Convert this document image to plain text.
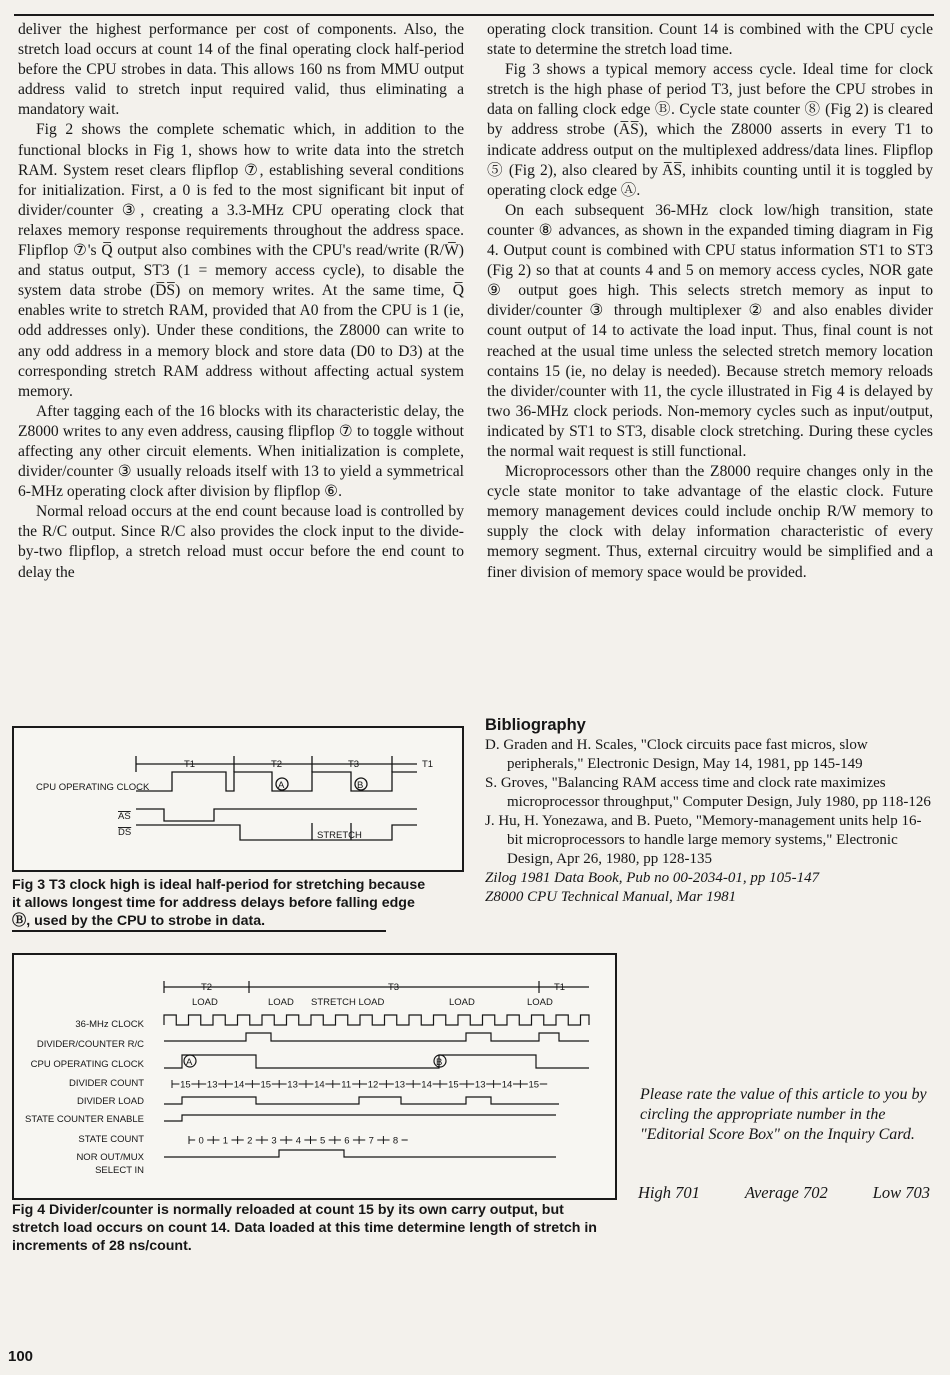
deliver the highest performance per cost of components. Also, the stretch load occurs at count 14 of the final operating clock half-period before the CPU strobes in data. This allows 160 ns from MMU output address valid to stretch input required valid, thus eliminating a mandatory wait.

Fig 2 shows the complete schematic which, in addition to the functional blocks in Fig 1, shows how to write data into the stretch RAM. System reset clears flipflop ⑦, establishing several conditions for initialization. First, a 0 is fed to the most significant bit input of divider/counter ③, creating a 3.3-MHz CPU operating clock that relaxes memory response requirements throughout the address space. Flipflop ⑦'s Q̅ output also combines with the CPU's read/write (R/W̅) and status output, ST3 (1 = memory access cycle), to disable the system data strobe (D̅S̅) on memory writes. At the same time, Q̅ enables write to stretch RAM, provided that A0 from the CPU is 1 (ie, odd addresses only). Under these conditions, the Z8000 can write to any odd address in a memory block and store data (D0 to D3) at the corresponding stretch RAM address without affecting actual system memory.

After tagging each of the 16 blocks with its characteristic delay, the Z8000 writes to any even address, causing flipflop ⑦ to toggle without affecting any other circuit elements. When initialization is complete, divider/counter ③ usually reloads itself with 13 to yield a symmetrical 6-MHz operating clock after division by flipflop ⑥.

Normal reload occurs at the end count because load is controlled by the R/C output. Since R/C also provides the clock input to the divide-by-two flipflop, a stretch reload must occur before the end count to delay the

operating clock transition. Count 14 is combined with the CPU cycle state to determine the stretch load time.

Fig 3 shows a typical memory access cycle. Ideal time for clock stretch is the high phase of period T3, just before the CPU strobes in data on falling clock edge Ⓑ. Cycle state counter ⑧ (Fig 2) is cleared by address strobe (A̅S̅), which the Z8000 asserts in every T1 to indicate address output on the multiplexed address/data lines. Flipflop ⑤ (Fig 2), also cleared by A̅S̅, inhibits counting until it is toggled by operating clock edge Ⓐ.

On each subsequent 36-MHz clock low/high transition, state counter ⑧ advances, as shown in the expanded timing diagram in Fig 4. Output count is combined with CPU status information ST1 to ST3 (Fig 2) so that at counts 4 and 5 on memory access cycles, NOR gate ⑨ output goes high. This selects stretch memory as input to divider/counter ③ through multiplexer ② and also enables divider count output of 14 to activate the load input. Thus, final count is not reached at the usual time unless the selected stretch memory location contains 15 (ie, no delay is needed). Because stretch memory reloads the divider/counter with 11, the cycle illustrated in Fig 4 is delayed by two 36-MHz clock periods. Non-memory cycles such as input/output, indicated by ST1 to ST3, disable clock stretching. During these cycles the normal wait request is still functional.

Microprocessors other than the Z8000 require changes only in the cycle state monitor to take advantage of the elastic clock. Future memory management devices could include onchip R/W memory to supply the clock with delay information characteristic of every memory segment. Thus, external circuitry would be simplified and a finer division of memory space would be provided.

Bibliography

D. Graden and H. Scales, "Clock circuits pace fast micros, slow peripherals," Electronic Design, May 14, 1981, pp 145-149

S. Groves, "Balancing RAM access time and clock rate maximizes microprocessor throughput," Computer Design, July 1980, pp 118-126

J. Hu, H. Yonezawa, and B. Pueto, "Memory-management units help 16-bit microprocessors to handle large memory systems," Electronic Design, Apr 26, 1980, pp 128-135

Zilog 1981 Data Book, Pub no 00-2034-01, pp 105-147

Z8000 CPU Technical Manual, Mar 1981

T1	T2	T3	T1
CPU OPERATING CLOCK
AS
DS
A	B
STRETCH
Fig 3 T3 clock high is ideal half-period for stretching because it allows longest time for address delays before falling edge Ⓑ, used by the CPU to strobe in data.
15 13 14 15 13 14 11 12 13 14 15 13 14 15
0 1 2 3 4 5 6 7 8
T2	T3	T1
LOAD	LOAD STRETCH LOAD	LOAD	LOAD
36-MHz CLOCK
DIVIDER/COUNTER R/C
CPU OPERATING CLOCK
DIVIDER COUNT
DIVIDER LOAD
STATE COUNTER ENABLE
STATE COUNT
NOR OUT/MUX
SELECT IN
A	B
Fig 4 Divider/counter is normally reloaded at count 15 by its own carry output, but stretch load occurs on count 14. Data loaded at this time determine length of stretch in increments of 28 ns/count.
Please rate the value of this article to you by circling the appropriate number in the "Editorial Score Box" on the Inquiry Card.
High 701	Average 702	Low 703
100
